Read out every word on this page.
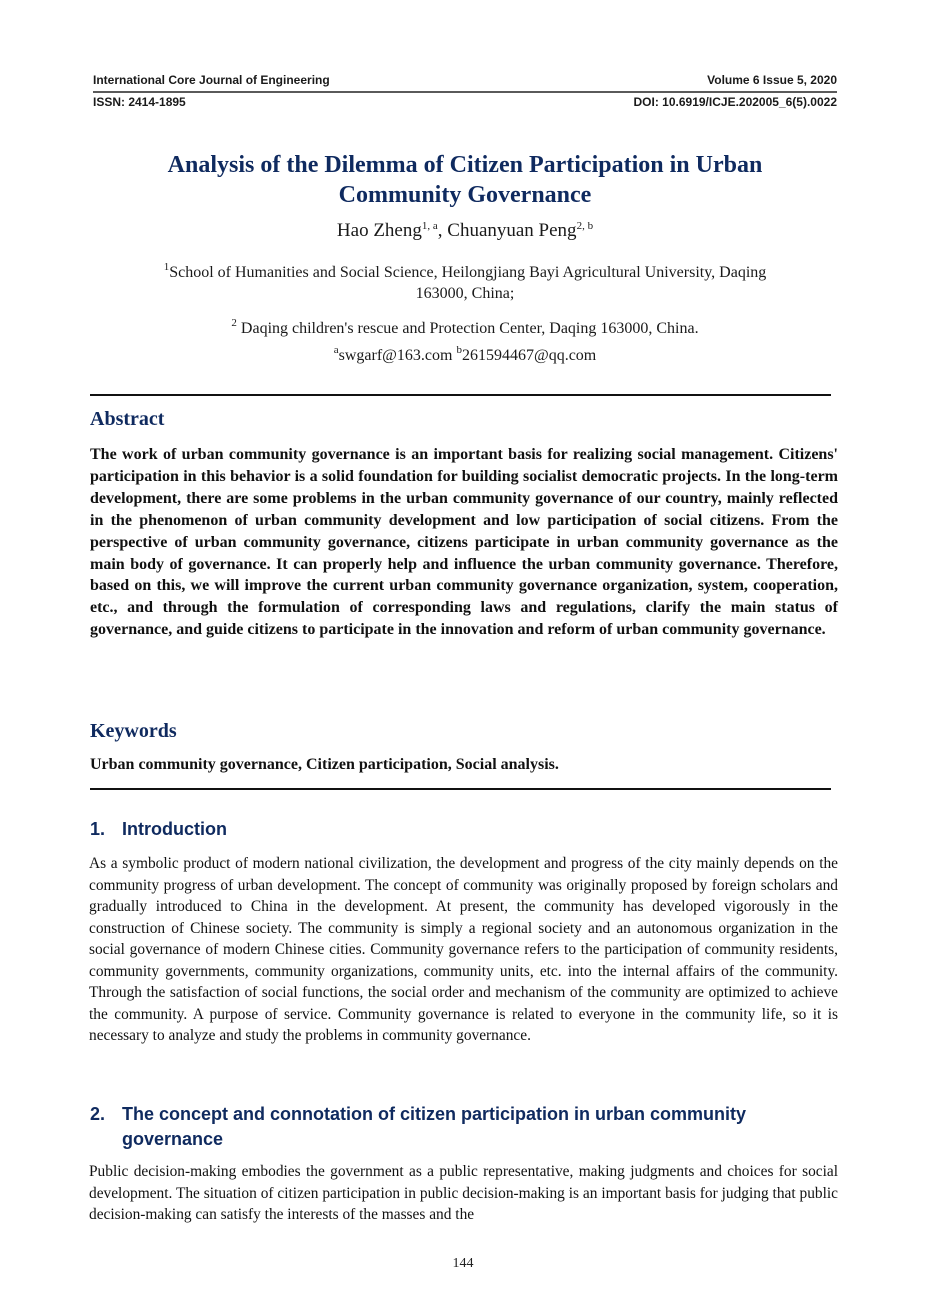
International Core Journal of Engineering	Volume 6 Issue 5, 2020
ISSN: 2414-1895	DOI: 10.6919/ICJE.202005_6(5).0022
Analysis of the Dilemma of Citizen Participation in Urban
Community Governance
Hao Zheng$^{1, a}$, Chuanyuan Peng$^{2, b}$
$^1$School of Humanities and Social Science, Heilongjiang Bayi Agricultural University, Daqing
163000, China;
$^2$ Daqing children's rescue and Protection Center, Daqing 163000, China.
$^a$swgarf@163.com $^b$261594467@qq.com
Abstract
The work of urban community governance is an important basis for realizing social management. Citizens' participation in this behavior is a solid foundation for building socialist democratic projects. In the long-term development, there are some problems in the urban community governance of our country, mainly reflected in the phenomenon of urban community development and low participation of social citizens. From the perspective of urban community governance, citizens participate in urban community governance as the main body of governance. It can properly help and influence the urban community governance. Therefore, based on this, we will improve the current urban community governance organization, system, cooperation, etc., and through the formulation of corresponding laws and regulations, clarify the main status of governance, and guide citizens to participate in the innovation and reform of urban community governance.
Keywords
Urban community governance, Citizen participation, Social analysis.
1. Introduction
As a symbolic product of modern national civilization, the development and progress of the city mainly depends on the community progress of urban development. The concept of community was originally proposed by foreign scholars and gradually introduced to China in the development. At present, the community has developed vigorously in the construction of Chinese society. The community is simply a regional society and an autonomous organization in the social governance of modern Chinese cities. Community governance refers to the participation of community residents, community governments, community organizations, community units, etc. into the internal affairs of the community. Through the satisfaction of social functions, the social order and mechanism of the community are optimized to achieve the community. A purpose of service. Community governance is related to everyone in the community life, so it is necessary to analyze and study the problems in community governance.
2. The concept and connotation of citizen participation in urban community governance
Public decision-making embodies the government as a public representative, making judgments and choices for social development. The situation of citizen participation in public decision-making is an important basis for judging that public decision-making can satisfy the interests of the masses and the
144
